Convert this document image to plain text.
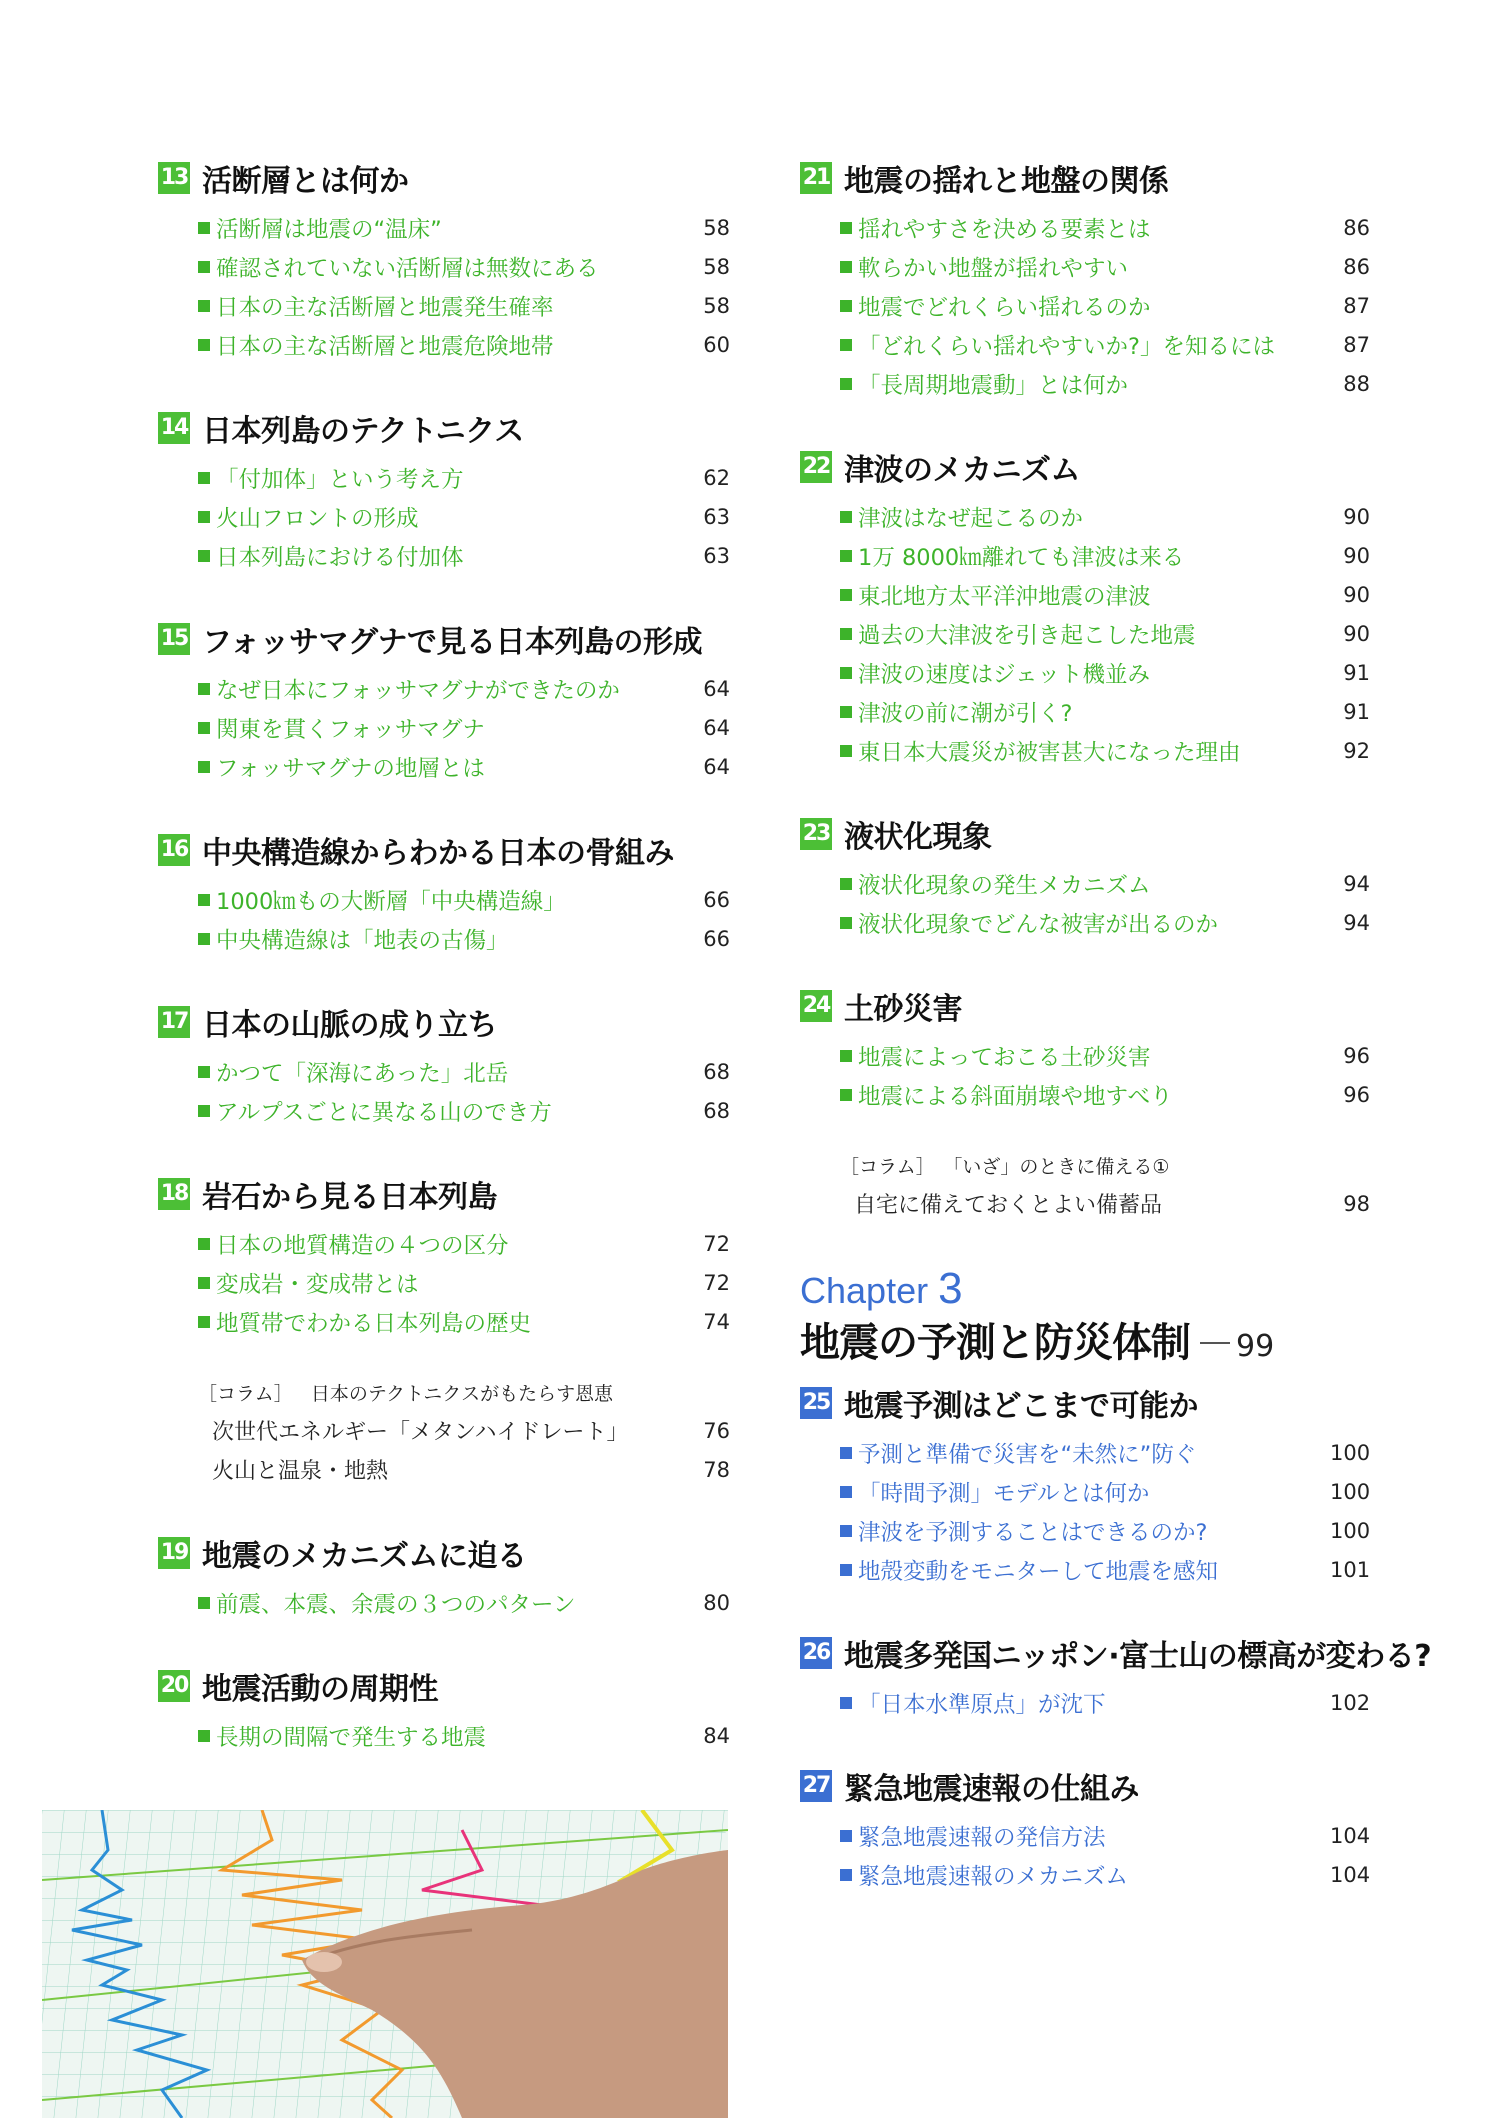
13 活断層とは何か
活断層は地震の“温床”	58
確認されていない活断層は無数にある	58
日本の主な活断層と地震発生確率	58
日本の主な活断層と地震危険地帯	60
14 日本列島のテクトニクス
「付加体」という考え方	62
火山フロントの形成	63
日本列島における付加体	63
15 フォッサマグナで見る日本列島の形成
なぜ日本にフォッサマグナができたのか	64
関東を貫くフォッサマグナ	64
フォッサマグナの地層とは	64
16 中央構造線からわかる日本の骨組み
1000㎞もの大断層「中央構造線」	66
中央構造線は「地表の古傷」	66
17 日本の山脈の成り立ち
かつて「深海にあった」北岳	68
アルプスごとに異なる山のでき方	68
18 岩石から見る日本列島
日本の地質構造の４つの区分	72
変成岩・変成帯とは	72
地質帯でわかる日本列島の歴史	74
［コラム］ 日本のテクトニクスがもたらす恩恵
次世代エネルギー「メタンハイドレート」	76
火山と温泉・地熱	78
19 地震のメカニズムに迫る
前震、本震、余震の３つのパターン	80
20 地震活動の周期性
長期の間隔で発生する地震	84
21 地震の揺れと地盤の関係
揺れやすさを決める要素とは	86
軟らかい地盤が揺れやすい	86
地震でどれくらい揺れるのか	87
「どれくらい揺れやすいか?」を知るには	87
「長周期地震動」とは何か	88
22 津波のメカニズム
津波はなぜ起こるのか	90
1万 8000㎞離れても津波は来る	90
東北地方太平洋沖地震の津波	90
過去の大津波を引き起こした地震	90
津波の速度はジェット機並み	91
津波の前に潮が引く?	91
東日本大震災が被害甚大になった理由	92
23 液状化現象
液状化現象の発生メカニズム	94
液状化現象でどんな被害が出るのか	94
24 土砂災害
地震によっておこる土砂災害	96
地震による斜面崩壊や地すべり	96
［コラム］ 「いざ」のときに備える①
自宅に備えておくとよい備蓄品	98
Chapter 3
地震の予測と防災体制 99
25 地震予測はどこまで可能か
予測と準備で災害を“未然に”防ぐ	100
「時間予測」モデルとは何か	100
津波を予測することはできるのか?	100
地殻変動をモニターして地震を感知	101
26 地震多発国ニッポン·富士山の標高が変わる?
「日本水準原点」が沈下	102
27 緊急地震速報の仕組み
緊急地震速報の発信方法	104
緊急地震速報のメカニズム	104
